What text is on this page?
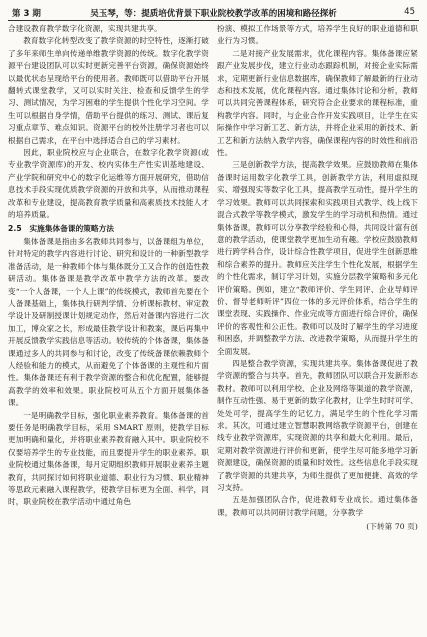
第 3 期	吴玉琴，等：提质培优背景下职业院校教学改革的困境和路径探析	45

合建设教育教学数字化资源，实现共建共享。

教育数字化转型改变了教学资源的时空特性，逐渐打破了多年来师生单向传递单维教学资源的传统。数字化教学资源平台建设团队可以实时更新完善平台资源，确保资源始终以最优状态呈现给平台的使用者。教师既可以借助平台开展翻转式课堂教学，又可以实时关注、检查和反馈学生的学习、测试情况，为学习困难的学生提供个性化学习空间。学生可以根据自身学情，借助平台提供的练习、测试、课后复习重点章节、难点知识。资源平台的校外注册学习者也可以根据自己需求，在平台中选择适合自己的学习素材。

因此，职业院校应与企业联合，在数字化教学资源(或专业教学资源库)的开发、校内实体生产性实训基地建设、产业学院和研究中心的数字化运维等方面开展研究，借助信息技术手段实现优质教学资源的开放和共享，从而推动课程改革和专业建设，提高教育教学质量和高素质技术技能人才的培养质量。

2.5　实施集体备课的策略方法

集体备课是指由多名教师共同参与，以备课组为单位，针对特定的教学内容进行讨论、研究和设计的一种新型教学准备活动，是一种教师个体与集体既分工又合作的创造性教研活动。集体备课是教学改革中教学方法的改革。要改变“一个人备课，一个人上课”的传统模式，教师首先要在个人备课基础上，集体执行研判学情、分析课标教材、审定教学设计及研制授课计划规定动作，然后对备课内容进行二次加工，博众家之长，形成最佳教学设计和教案，课后再集中开展反馈教学实践信息等活动。较传统的个体备课，集体备课通过多人的共同参与和讨论，改变了传统备课依赖教师个人经验和能力的模式，从而避免了个体备课的主观性和片面性。集体备课还有利于教学资源的整合和优化配置，能够提高教学的效率和效果。职业院校可从五个方面开展集体备课。

一是明确教学目标，强化职业素养教育。集体备课的首要任务是明确教学目标，采用 SMART 原则，使教学目标更加明确和量化，并将职业素养教育融入其中。职业院校不仅要培养学生的专业技能，而且要提升学生的职业素养。职业院校通过集体备课，每月定期组织教师开展职业素养主题教育，共同探讨如何将职业道德、职业行为习惯、职业精神等思政元素融入课程教学，使教学目标更为全面、科学，同时，职业院校在教学活动中通过角色

扮演、模拟工作场景等方式，培养学生良好的职业道德和职业行为习惯。

二是对接产业发展需求，优化课程内容。集体备课应紧跟产业发展步伐，建立行业动态跟踪机制，对接企业实际需求，定期更新行业信息数据库，确保教师了解最新的行业动态和技术发展，优化课程内容。通过集体讨论和分析，教师可以共同完善课程体系，研究符合企业要求的课程标准，重构教学内容。同时，与企业合作开发实践项目，让学生在实际操作中学习新工艺、新方法，并将企业采用的新技术、新工艺和新方法纳入教学内容，确保课程内容的时效性和前沿性。

三是创新教学方法，提高教学效果。应鼓励教师在集体备课时运用数字化教学工具，创新教学方法，利用虚拟现实、增强现实等数字化工具，提高教学互动性，提升学生的学习效果。教师可以共同探索和实践项目式教学、线上线下混合式教学等教学模式，激发学生的学习动机和热情。通过集体备课，教师可以分享教学经验和心得，共同设计富有创意的教学活动，使课堂教学更加生动有趣。学校应鼓励教师进行跨学科合作，设计综合性教学项目，促进学生创新思维和综合素养的提升。教师应关注学生个性化发展，根据学生的个性化需求，制订学习计划，实施分层教学策略和多元化评价策略。例如，建立“教师评价、学生同评、企业导师评价、督导老师听评”四位一体的多元评价体系，结合学生的课堂表现、实践操作、作业完成等方面进行综合评价，确保评价的客观性和公正性。教师可以及时了解学生的学习进度和困惑，并调整教学方法、改进教学策略，从而提升学生的全面发展。

四是整合教学资源，实现共建共享。集体备课促进了教学资源的整合与共享。首先，教师团队可以联合开发新形态教材。教师可以利用学校、企业及网络等渠道的教学资源，制作互动性强、易于更新的数字化教材，让学生时时可学、处处可学，提高学生的记忆力，满足学生的个性化学习需求。其次，可通过建立智慧职教网络教学资源平台，创建在线专业教学资源库，实现资源的共享和最大化利用。最后，定期对教学资源进行评价和更新，使学生尽可能多地学习新资源建设，确保资源的质量和时效性。这些信息化手段实现了教学资源的共建共享，为师生提供了更加便捷、高效的学习支持。

五是加强团队合作，促进教师专业成长。通过集体备课，教师可以共同研讨教学问题，分享教学

(下转第 70 页)
